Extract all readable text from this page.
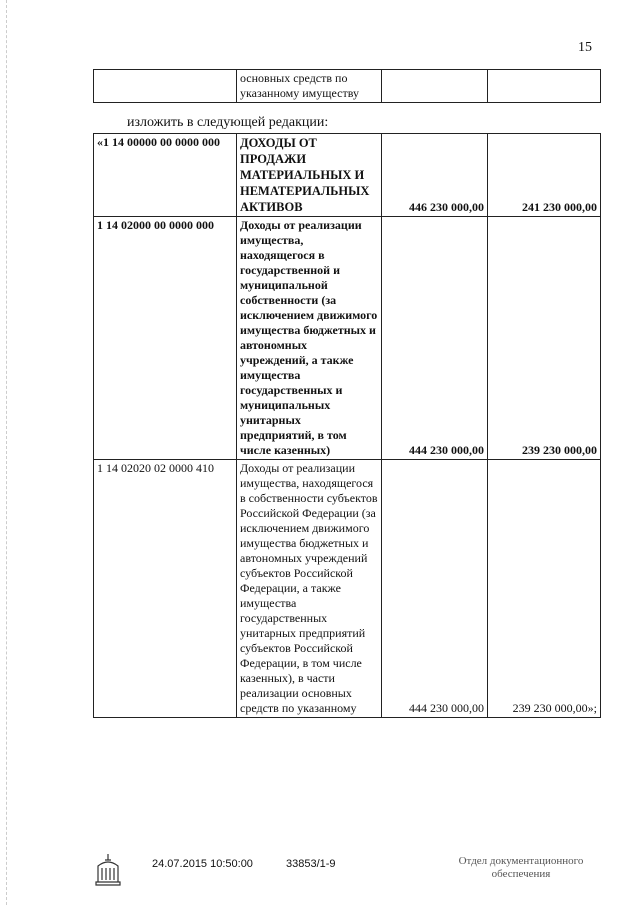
15
	основных средств по указанному имуществу		
изложить в следующей редакции:
«1 14 00000 00 0000 000	ДОХОДЫ ОТ ПРОДАЖИ МАТЕРИАЛЬНЫХ И НЕМАТЕРИАЛЬНЫХ АКТИВОВ	446 230 000,00	241 230 000,00
1 14 02000 00 0000 000	Доходы от реализации имущества, находящегося в государственной и муниципальной собственности (за исключением движимого имущества бюджетных и автономных учреждений, а также имущества государственных и муниципальных унитарных предприятий, в том числе казенных)	444 230 000,00	239 230 000,00
1 14 02020 02 0000 410	Доходы от реализации имущества, находящегося в собственности субъектов Российской Федерации (за исключением движимого имущества бюджетных и автономных учреждений субъектов Российской Федерации, а также имущества государственных унитарных предприятий субъектов Российской Федерации, в том числе казенных), в части реализации основных средств по указанному	444 230 000,00	239 230 000,00»;
24.07.2015 10:50:00	33853/1-9	Отдел документационного
обеспечения
